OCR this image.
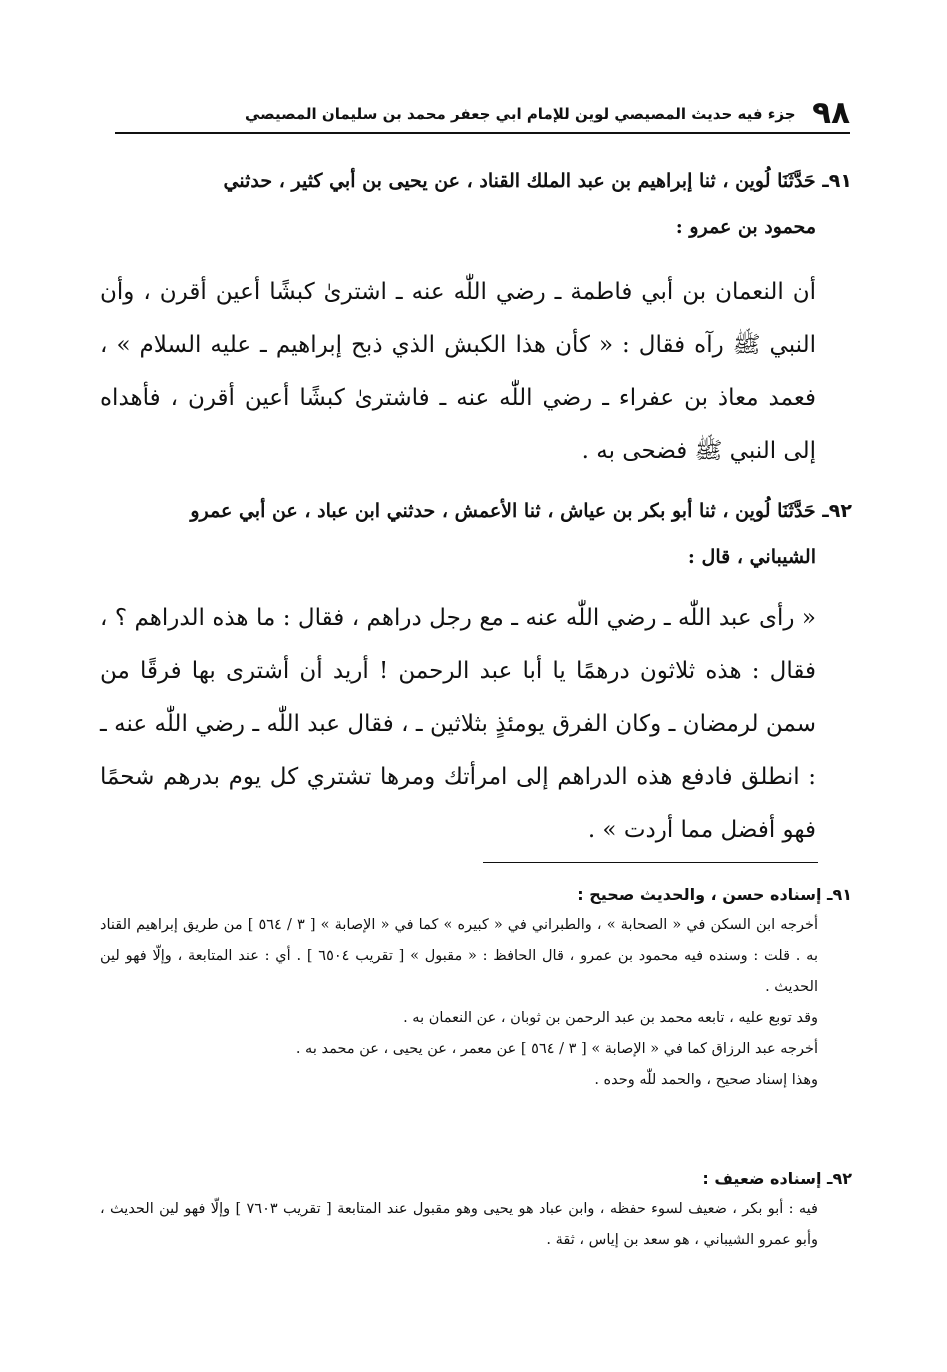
٩٨
جزء فيه حديث المصيصي لوين للإمام ابي جعفر محمد بن سليمان المصيصي
٩١ـ حَدَّثَنَا لُوين ، ثنا إبراهيم بن عبد الملك القناد ، عن يحيى بن أبي كثير ، حدثني
محمود بن عمرو :
أن النعمان بن أبي فاطمة ـ رضي اللّٰه عنه ـ اشترىٰ كبشًا أعين أقرن ، وأن النبي ﷺ رآه فقال : « كأن هذا الكبش الذي ذبح إبراهيم ـ عليه السلام » ، فعمد معاذ بن عفراء ـ رضي اللّٰه عنه ـ فاشترىٰ كبشًا أعين أقرن ، فأهداه إلى النبي ﷺ فضحى به .
٩٢ـ حَدَّثَنَا لُوين ، ثنا أبو بكر بن عياش ، ثنا الأعمش ، حدثني ابن عباد ، عن أبي عمرو
الشيباني ، قال :
« رأى عبد اللّٰه ـ رضي اللّٰه عنه ـ مع رجل دراهم ، فقال : ما هذه الدراهم ؟ ، فقال : هذه ثلاثون درهمًا يا أبا عبد الرحمن ! أريد أن أشترى بها فرقًا من سمن لرمضان ـ وكان الفرق يومئذٍ بثلاثين ـ ، فقال عبد اللّٰه ـ رضي اللّٰه عنه ـ : انطلق فادفع هذه الدراهم إلى امرأتك ومرها تشتري كل يوم بدرهم شحمًا فهو أفضل مما أردت » .
٩١ـ إسناده حسن ، والحديث صحيح :

أخرجه ابن السكن في « الصحابة » ، والطبراني في « كبيره » كما في « الإصابة » [ ٣ / ٥٦٤ ] من طريق إبراهيم القناد به . قلت : وسنده فيه محمود بن عمرو ، قال الحافظ : « مقبول » [ تقريب ٦٥٠٤ ] . أي : عند المتابعة ، وإلّا فهو لين الحديث .

وقد توبع عليه ، تابعه محمد بن عبد الرحمن بن ثوبان ، عن النعمان به .

أخرجه عبد الرزاق كما في « الإصابة » [ ٣ / ٥٦٤ ] عن معمر ، عن يحيى ، عن محمد به .

وهذا إسناد صحيح ، والحمد للّٰه وحده .

٩٢ـ إسناده ضعيف :

فيه : أبو بكر ، ضعيف لسوء حفظه ، وابن عباد هو يحيى وهو مقبول عند المتابعة [ تقريب ٧٦٠٣ ] وإلّا فهو لين الحديث ، وأبو عمرو الشيباني ، هو سعد بن إياس ، ثقة .
